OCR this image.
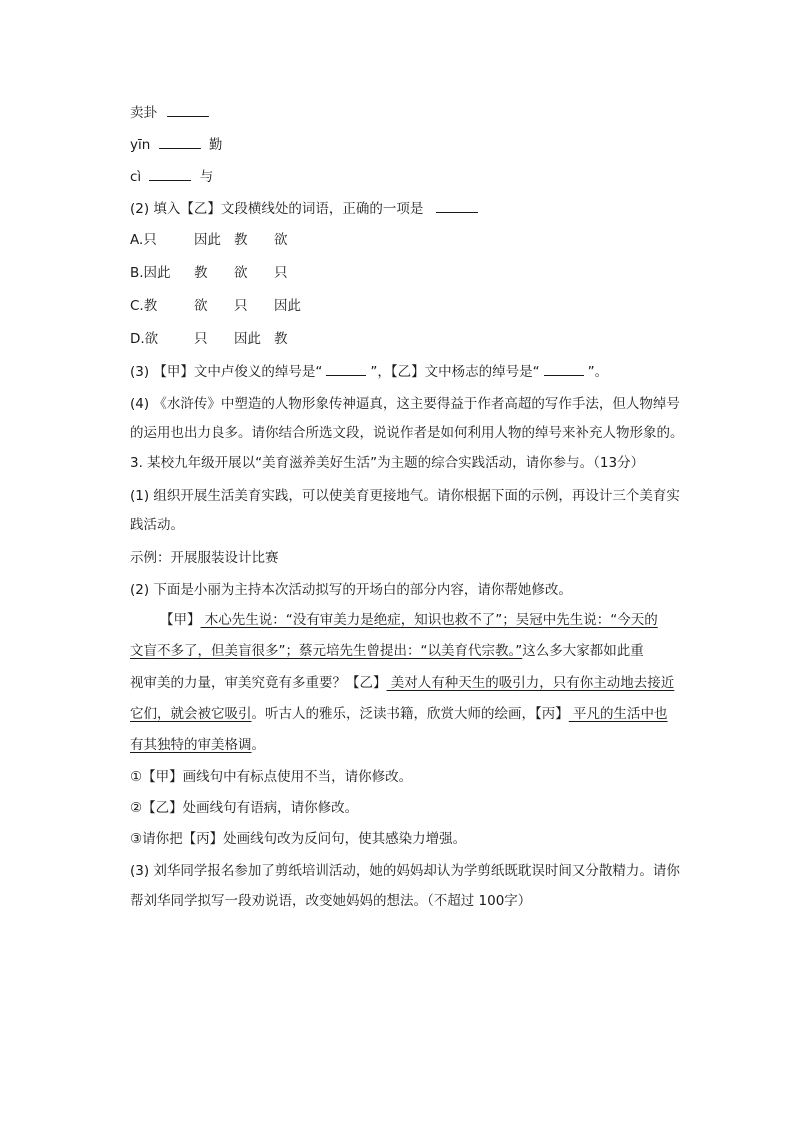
卖卦
yīn	勤
cì	与
(2) 填入【乙】文段横线处的词语，正确的一项是
A.只	因此 教 欲
B.因此 教 欲 只
C.教	欲 只 因此
D.欲	只 因此 教
(3) 【甲】文中卢俊义的绰号是“	”，【乙】文中杨志的绰号是“	”。
(4) 《水浒传》中塑造的人物形象传神逼真，这主要得益于作者高超的写作手法，但人物绰号
的运用也出力良多。请你结合所选文段，说说作者是如何利用人物的绰号来补充人物形象的。
3. 某校九年级开展以“美育滋养美好生活”为主题的综合实践活动，请你参与。（13分）
(1) 组织开展生活美育实践，可以使美育更接地气。请你根据下面的示例，再设计三个美育实
践活动。
示例：开展服装设计比赛
(2) 下面是小丽为主持本次活动拟写的开场白的部分内容，请你帮她修改。
【甲】 木心先生说：“没有审美力是绝症，知识也救不了”；吴冠中先生说：“今天的
文盲不多了，但美盲很多”；蔡元培先生曾提出：“以美育代宗教。”这么多大家都如此重
视审美的力量，审美究竟有多重要？【乙】 美对人有种天生的吸引力，只有你主动地去接近
它们，就会被它吸引。听古人的雅乐，泛读书籍，欣赏大师的绘画，【丙】 平凡的生活中也
有其独特的审美格调。
①【甲】画线句中有标点使用不当，请你修改。
②【乙】处画线句有语病，请你修改。
③请你把【丙】处画线句改为反问句，使其感染力增强。
(3) 刘华同学报名参加了剪纸培训活动，她的妈妈却认为学剪纸既耽误时间又分散精力。请你
帮刘华同学拟写一段劝说语，改变她妈妈的想法。（不超过 100字）
